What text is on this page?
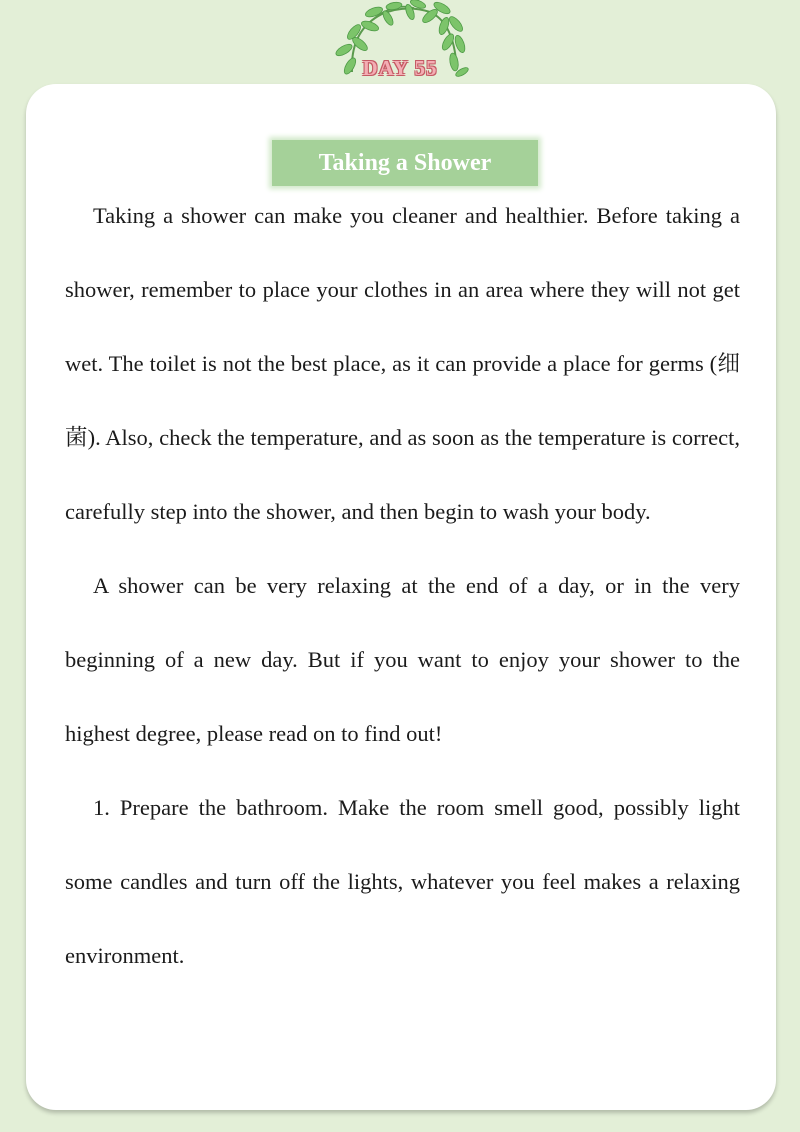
DAY 55
Taking a Shower

Taking a shower can make you cleaner and healthier. Before taking a shower, remember to place your clothes in an area where they will not get wet. The toilet is not the best place, as it can provide a place for germs (细菌). Also, check the temperature, and as soon as the temperature is correct, carefully step into the shower, and then begin to wash your body.

A shower can be very relaxing at the end of a day, or in the very beginning of a new day. But if you want to enjoy your shower to the highest degree, please read on to find out!

1. Prepare the bathroom. Make the room smell good, possibly light some candles and turn off the lights, whatever you feel makes a relaxing environment.
